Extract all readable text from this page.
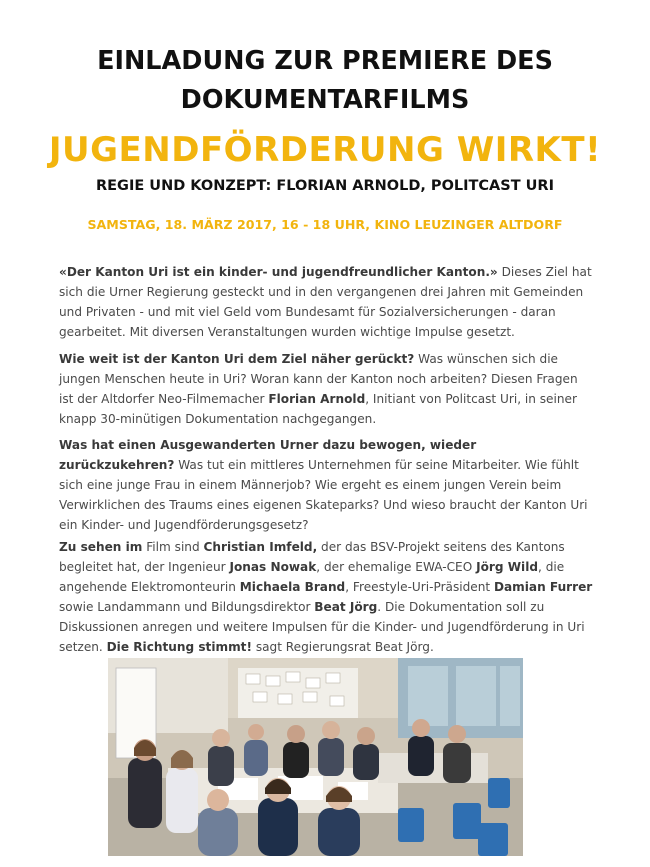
EINLADUNG ZUR PREMIERE DES
DOKUMENTARFILMS
JUGENDFÖRDERUNG WIRKT!
REGIE UND KONZEPT: FLORIAN ARNOLD, POLITCAST URI
SAMSTAG, 18. MÄRZ 2017, 16 - 18 UHR, KINO LEUZINGER ALTDORF

«Der Kanton Uri ist ein kinder- und jugendfreundlicher Kanton.» Dieses Ziel hat sich die Urner Regierung gesteckt und in den vergangenen drei Jahren mit Gemeinden und Privaten - und mit viel Geld vom Bundesamt für Sozialversicherungen - daran gearbeitet. Mit diversen Veranstaltungen wurden wichtige Impulse gesetzt.

Wie weit ist der Kanton Uri dem Ziel näher gerückt? Was wünschen sich die jungen Menschen heute in Uri? Woran kann der Kanton noch arbeiten? Diesen Fragen ist der Altdorfer Neo-Filmemacher Florian Arnold, Initiant von Politcast Uri, in seiner knapp 30-minütigen Dokumentation nachgegangen.

Was hat einen Ausgewanderten Urner dazu bewogen, wieder zurückzukehren? Was tut ein mittleres Unternehmen für seine Mitarbeiter. Wie fühlt sich eine junge Frau in einem Männerjob? Wie ergeht es einem jungen Verein beim Verwirklichen des Traums eines eigenen Skateparks? Und wieso braucht der Kanton Uri ein Kinder- und Jugendförderungsgesetz?

Zu sehen im Film sind Christian Imfeld, der das BSV-Projekt seitens des Kantons begleitet hat, der Ingenieur Jonas Nowak, der ehemalige EWA-CEO Jörg Wild, die angehende Elektromonteurin Michaela Brand, Freestyle-Uri-Präsident Damian Furrer sowie Landammann und Bildungsdirektor Beat Jörg. Die Dokumentation soll zu Diskussionen anregen und weitere Impulsen für die Kinder- und Jugendförderung in Uri setzen. Die Richtung stimmt! sagt Regierungsrat Beat Jörg.
